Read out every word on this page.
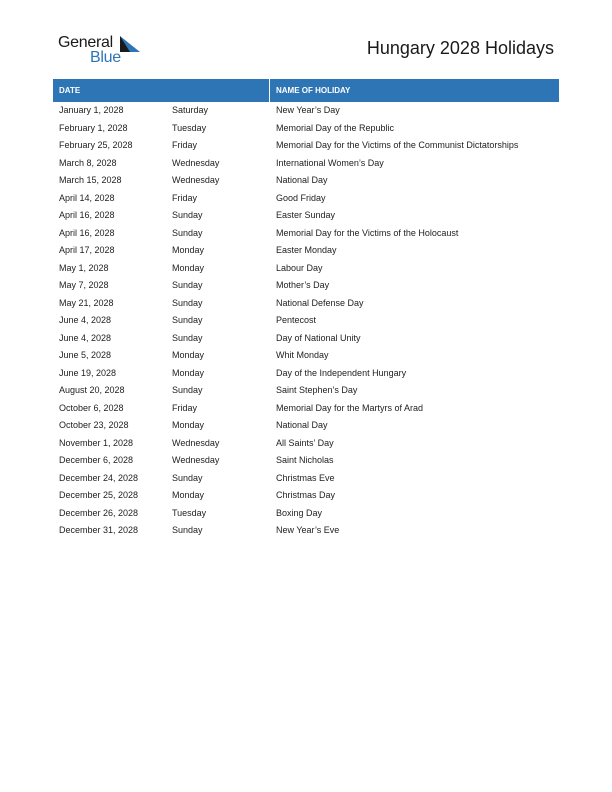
General
Blue	Hungary 2028 Holidays
DATE	NAME OF HOLIDAY
January 1, 2028	Saturday	New Year’s Day
February 1, 2028	Tuesday	Memorial Day of the Republic
February 25, 2028	Friday	Memorial Day for the Victims of the Communist Dictatorships
March 8, 2028	Wednesday	International Women’s Day
March 15, 2028	Wednesday	National Day
April 14, 2028	Friday	Good Friday
April 16, 2028	Sunday	Easter Sunday
April 16, 2028	Sunday	Memorial Day for the Victims of the Holocaust
April 17, 2028	Monday	Easter Monday
May 1, 2028	Monday	Labour Day
May 7, 2028	Sunday	Mother’s Day
May 21, 2028	Sunday	National Defense Day
June 4, 2028	Sunday	Pentecost
June 4, 2028	Sunday	Day of National Unity
June 5, 2028	Monday	Whit Monday
June 19, 2028	Monday	Day of the Independent Hungary
August 20, 2028	Sunday	Saint Stephen’s Day
October 6, 2028	Friday	Memorial Day for the Martyrs of Arad
October 23, 2028	Monday	National Day
November 1, 2028	Wednesday	All Saints’ Day
December 6, 2028	Wednesday	Saint Nicholas
December 24, 2028	Sunday	Christmas Eve
December 25, 2028	Monday	Christmas Day
December 26, 2028	Tuesday	Boxing Day
December 31, 2028	Sunday	New Year’s Eve
